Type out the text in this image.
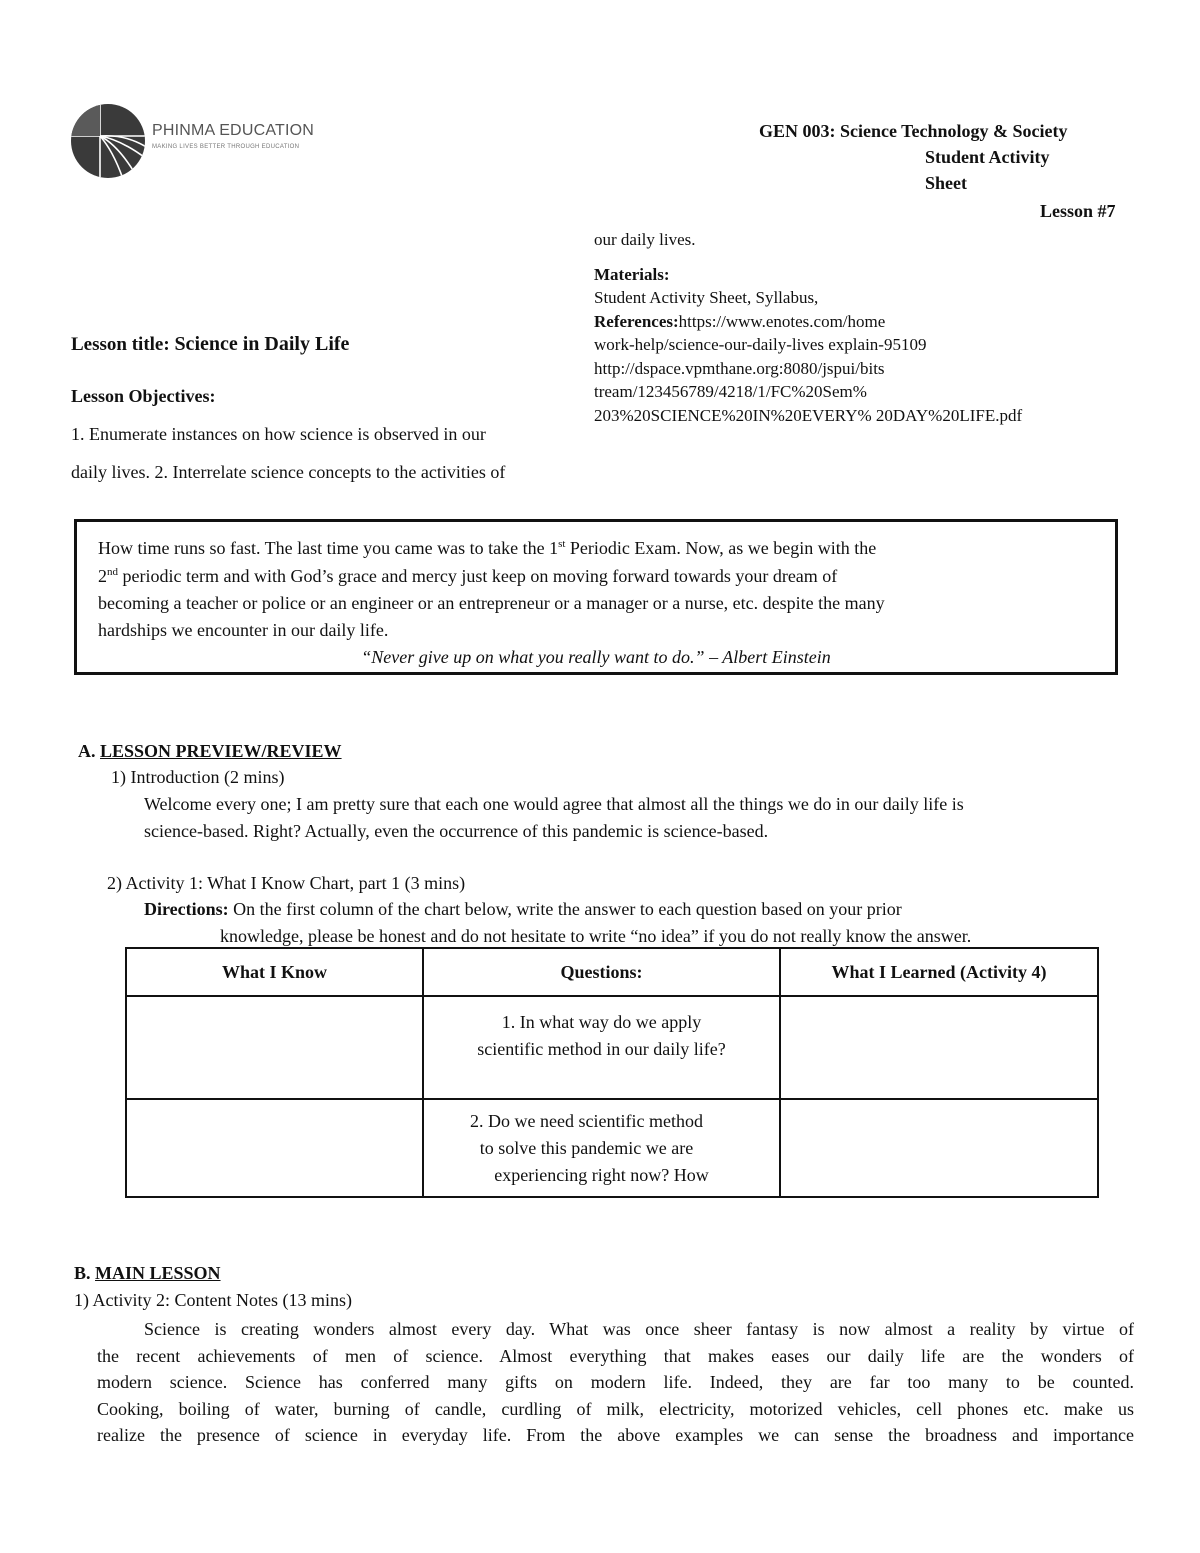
PHINMA EDUCATION
MAKING LIVES BETTER THROUGH EDUCATION
GEN 003: Science Technology & Society
Student Activity
Sheet
Lesson #7
Lesson title: Science in Daily Life
Lesson Objectives:
1. Enumerate instances on how science is observed in our
daily lives. 2. Interrelate science concepts to the activities of
our daily lives.
Materials:
Student Activity Sheet, Syllabus,
References:https://www.enotes.com/home
work-help/science-our-daily-lives explain-95109
http://dspace.vpmthane.org:8080/jspui/bits
tream/123456789/4218/1/FC%20Sem%
203%20SCIENCE%20IN%20EVERY% 20DAY%20LIFE.pdf
How time runs so fast. The last time you came was to take the 1st Periodic Exam. Now, as we begin with the
2nd periodic term and with God’s grace and mercy just keep on moving forward towards your dream of
becoming a teacher or police or an engineer or an entrepreneur or a manager or a nurse, etc. despite the many
hardships we encounter in our daily life.
“Never give up on what you really want to do.” – Albert Einstein
A. LESSON PREVIEW/REVIEW
1) Introduction (2 mins)
Welcome every one; I am pretty sure that each one would agree that almost all the things we do in our daily life is
science-based. Right? Actually, even the occurrence of this pandemic is science-based.
2) Activity 1: What I Know Chart, part 1 (3 mins)
Directions: On the first column of the chart below, write the answer to each question based on your prior
knowledge, please be honest and do not hesitate to write “no idea” if you do not really know the answer.
What I Know	Questions:	What I Learned (Activity 4)

	1. In what way do we apply
scientific method in our daily life?	

	2. Do we need scientific method
to solve this pandemic we are
experiencing right now? How	

B. MAIN LESSON
1) Activity 2: Content Notes (13 mins)
Science is creating wonders almost every day. What was once sheer fantasy is now almost a reality by virtue of
the recent achievements of men of science. Almost everything that makes eases our daily life are the wonders of
modern science. Science has conferred many gifts on modern life. Indeed, they are far too many to be counted.
Cooking, boiling of water, burning of candle, curdling of milk, electricity, motorized vehicles, cell phones etc. make us
realize the presence of science in everyday life. From the above examples we can sense the broadness and importance
